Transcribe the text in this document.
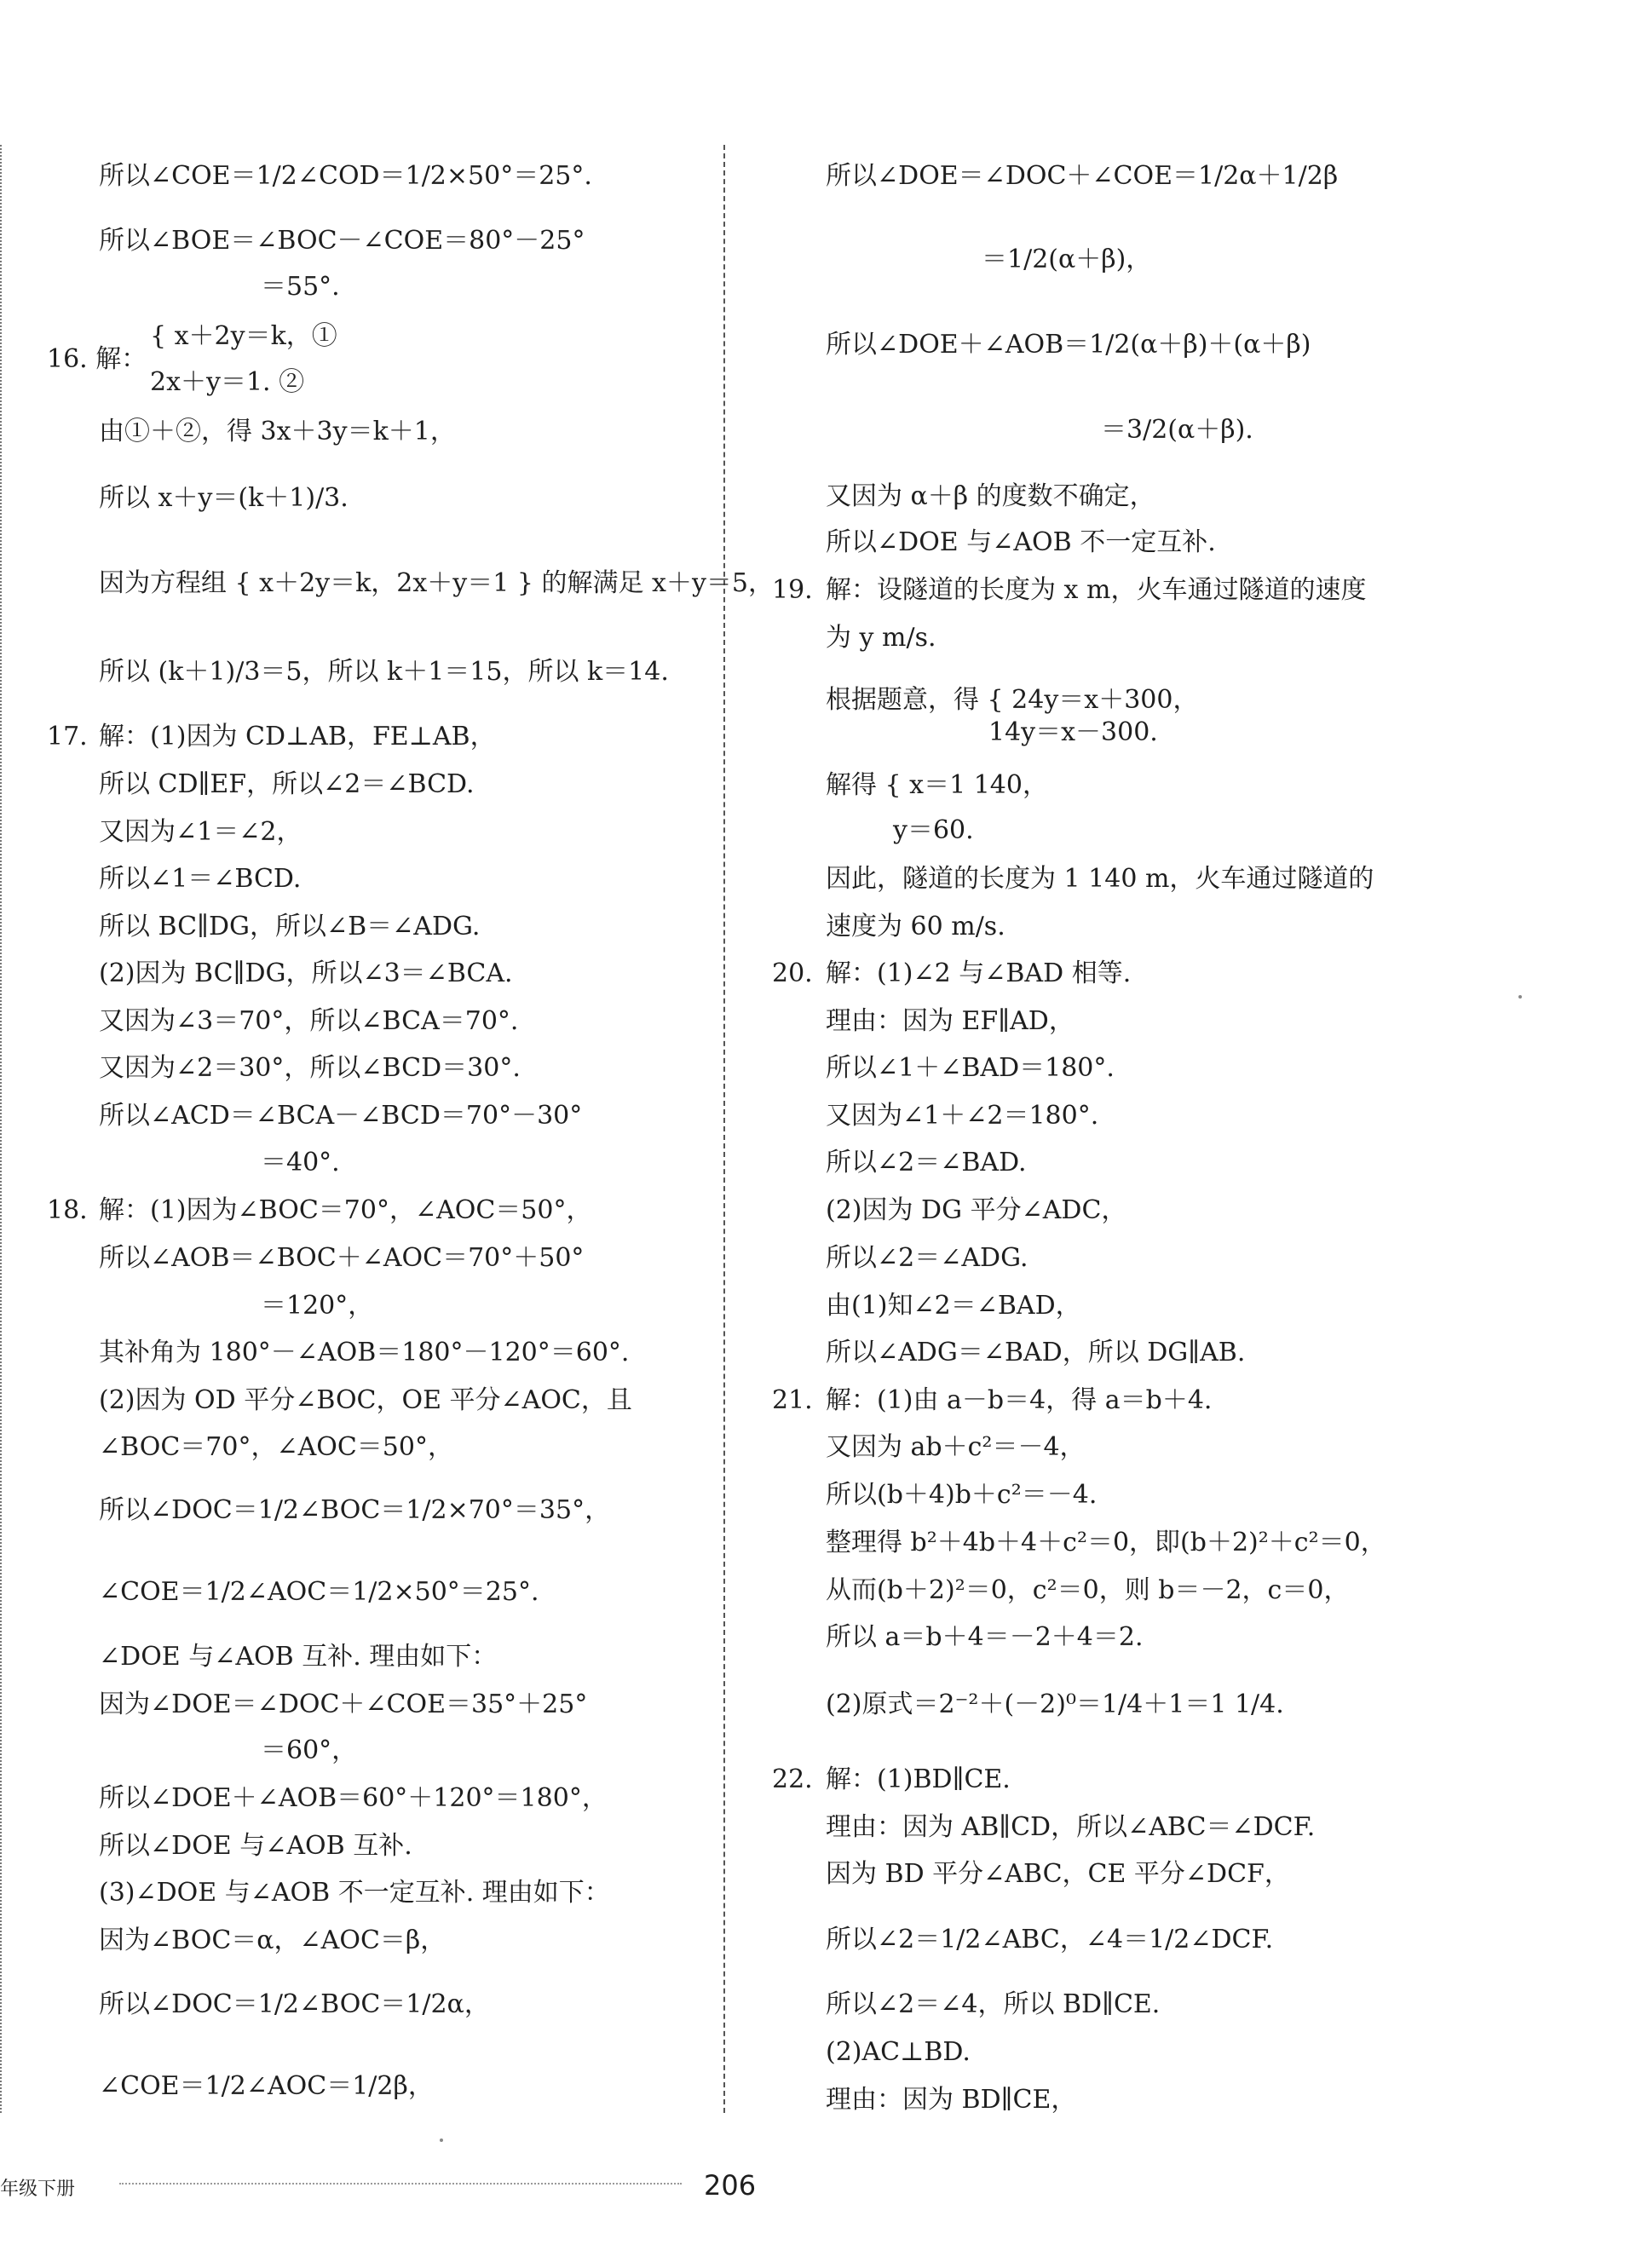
所以∠COE＝1/2∠COD＝1/2×50°＝25°.
所以∠BOE＝∠BOC－∠COE＝80°－25°
＝55°.
16. 解：
{ x＋2y＝k，①
2x＋y＝1. ②
由①＋②，得 3x＋3y＝k＋1，
所以 x＋y＝(k＋1)/3.
因为方程组 { x＋2y＝k，2x＋y＝1 } 的解满足 x＋y＝5，
所以 (k＋1)/3＝5，所以 k＋1＝15，所以 k＝14.
17. 解：(1)因为 CD⊥AB，FE⊥AB，
所以 CD∥EF，所以∠2＝∠BCD.
又因为∠1＝∠2，
所以∠1＝∠BCD.
所以 BC∥DG，所以∠B＝∠ADG.
(2)因为 BC∥DG，所以∠3＝∠BCA.
又因为∠3＝70°，所以∠BCA＝70°.
又因为∠2＝30°，所以∠BCD＝30°.
所以∠ACD＝∠BCA－∠BCD＝70°－30°
＝40°.
18. 解：(1)因为∠BOC＝70°，∠AOC＝50°，
所以∠AOB＝∠BOC＋∠AOC＝70°＋50°
＝120°，
其补角为 180°－∠AOB＝180°－120°＝60°.
(2)因为 OD 平分∠BOC，OE 平分∠AOC，且
∠BOC＝70°，∠AOC＝50°，
所以∠DOC＝1/2∠BOC＝1/2×70°＝35°，
∠COE＝1/2∠AOC＝1/2×50°＝25°.
∠DOE 与∠AOB 互补. 理由如下：
因为∠DOE＝∠DOC＋∠COE＝35°＋25°
＝60°，
所以∠DOE＋∠AOB＝60°＋120°＝180°，
所以∠DOE 与∠AOB 互补.
(3)∠DOE 与∠AOB 不一定互补. 理由如下：
因为∠BOC＝α，∠AOC＝β，
所以∠DOC＝1/2∠BOC＝1/2α，
∠COE＝1/2∠AOC＝1/2β，
所以∠DOE＝∠DOC＋∠COE＝1/2α＋1/2β
＝1/2(α＋β)，
所以∠DOE＋∠AOB＝1/2(α＋β)＋(α＋β)
＝3/2(α＋β).
又因为 α＋β 的度数不确定，
所以∠DOE 与∠AOB 不一定互补.
19. 解：设隧道的长度为 x m，火车通过隧道的速度
为 y m/s.
根据题意，得 { 24y＝x＋300，
14y＝x－300.
解得 { x＝1 140，
y＝60.
因此，隧道的长度为 1 140 m，火车通过隧道的
速度为 60 m/s.
20. 解：(1)∠2 与∠BAD 相等.
理由：因为 EF∥AD，
所以∠1＋∠BAD＝180°.
又因为∠1＋∠2＝180°.
所以∠2＝∠BAD.
(2)因为 DG 平分∠ADC，
所以∠2＝∠ADG.
由(1)知∠2＝∠BAD，
所以∠ADG＝∠BAD，所以 DG∥AB.
21. 解：(1)由 a－b＝4，得 a＝b＋4.
又因为 ab＋c²＝－4，
所以(b＋4)b＋c²＝－4.
整理得 b²＋4b＋4＋c²＝0，即(b＋2)²＋c²＝0，
从而(b＋2)²＝0，c²＝0，则 b＝－2，c＝0，
所以 a＝b＋4＝－2＋4＝2.
(2)原式＝2⁻²＋(－2)⁰＝1/4＋1＝1 1/4.
22. 解：(1)BD∥CE.
理由：因为 AB∥CD，所以∠ABC＝∠DCF.
因为 BD 平分∠ABC，CE 平分∠DCF，
所以∠2＝1/2∠ABC，∠4＝1/2∠DCF.
所以∠2＝∠4，所以 BD∥CE.
(2)AC⊥BD.
理由：因为 BD∥CE，
年级下册	206
